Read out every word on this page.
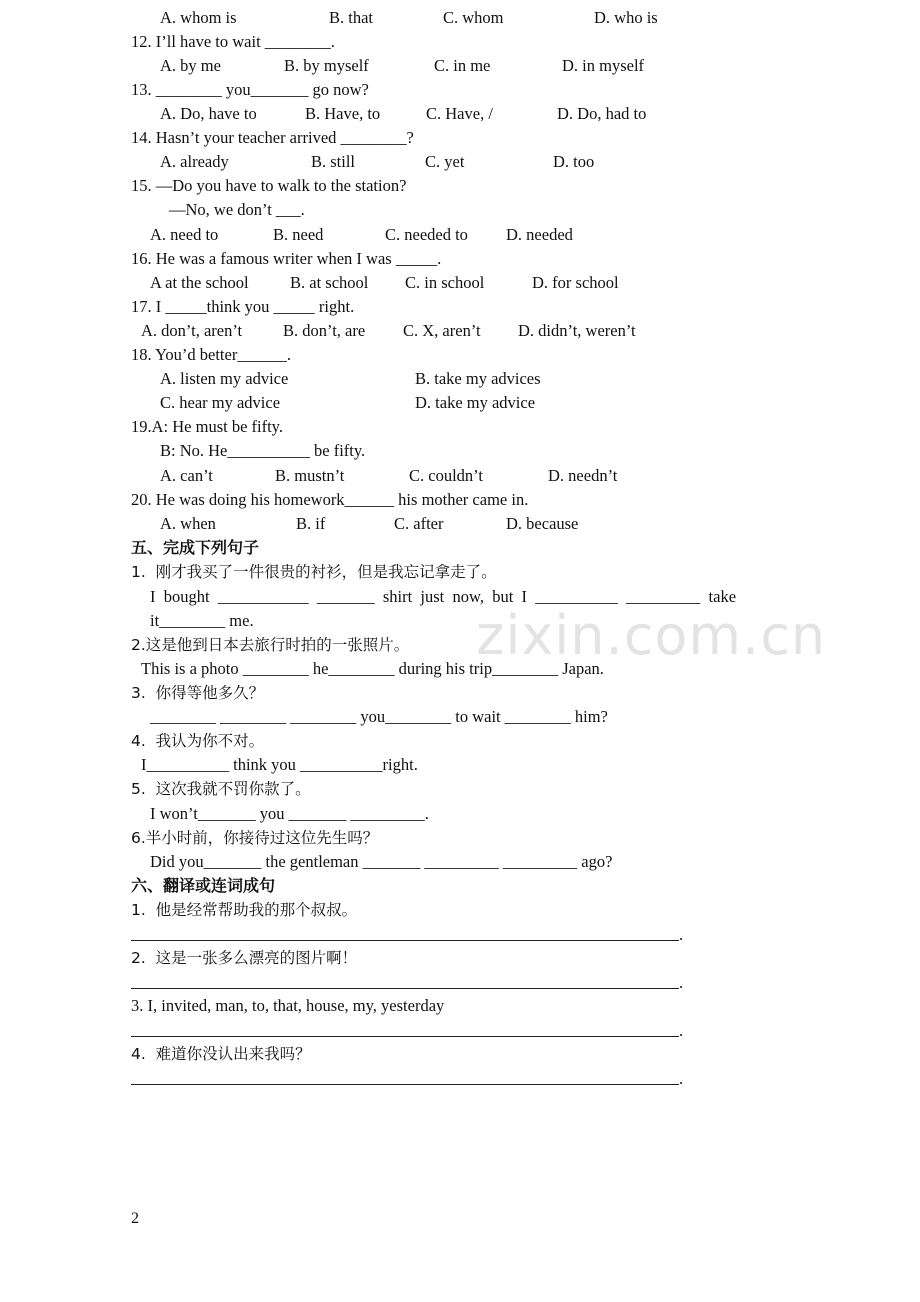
A. whom is	B. that	C. whom	D. who is
12. I’ll have to wait ________.
A. by me	B. by myself	C. in me	D. in myself
13. ________ you_______ go now?
A. Do, have to	B. Have, to	C. Have, /	D. Do, had to
14. Hasn’t your teacher arrived ________?
A. already	B. still	C. yet	D. too
15. —Do you have to walk to the station?
—No, we don’t ___.
A. need to	B. need	C. needed to D. needed
16. He was a famous writer when I was _____.
A at the school	B. at school C. in school	D. for school
17. I _____think you _____ right.
A. don’t, aren’t B. don’t, are C. X, aren’t D. didn’t, weren’t
18. You’d better______.
A. listen my advice	B. take my advices
C. hear my advice	D. take my advice
19.A: He must be fifty.
B: No. He__________ be fifty.
A. can’t	B. mustn’t	C. couldn’t	D. needn’t
20. He was doing his homework______ his mother came in.
A. when	B. if	C. after	D. because
五、完成下列句子
1.  刚才我买了一件很贵的衬衫，但是我忘记拿走了。
I  bought  ___________  _______  shirt  just  now,  but  I  __________  _________  take
it________ me.
2.这是他到日本去旅行时拍的一张照片。
This is a photo ________ he________ during his trip________ Japan.
3.  你得等他多久？
________ ________ ________ you________ to wait ________ him?
4.  我认为你不对。
I__________ think you __________right.
5.  这次我就不罚你款了。
I won’t_______ you _______ _________.
6.半小时前，你接待过这位先生吗？
Did you_______ the gentleman _______ _________ _________ ago?
六、翻译或连词成句
1.  他是经常帮助我的那个叔叔。
2.  这是一张多么漂亮的图片啊！
3. I, invited, man, to, that, house, my, yesterday
4.  难道你没认出来我吗？
.
.
.
.
zixin.com.cn
2
